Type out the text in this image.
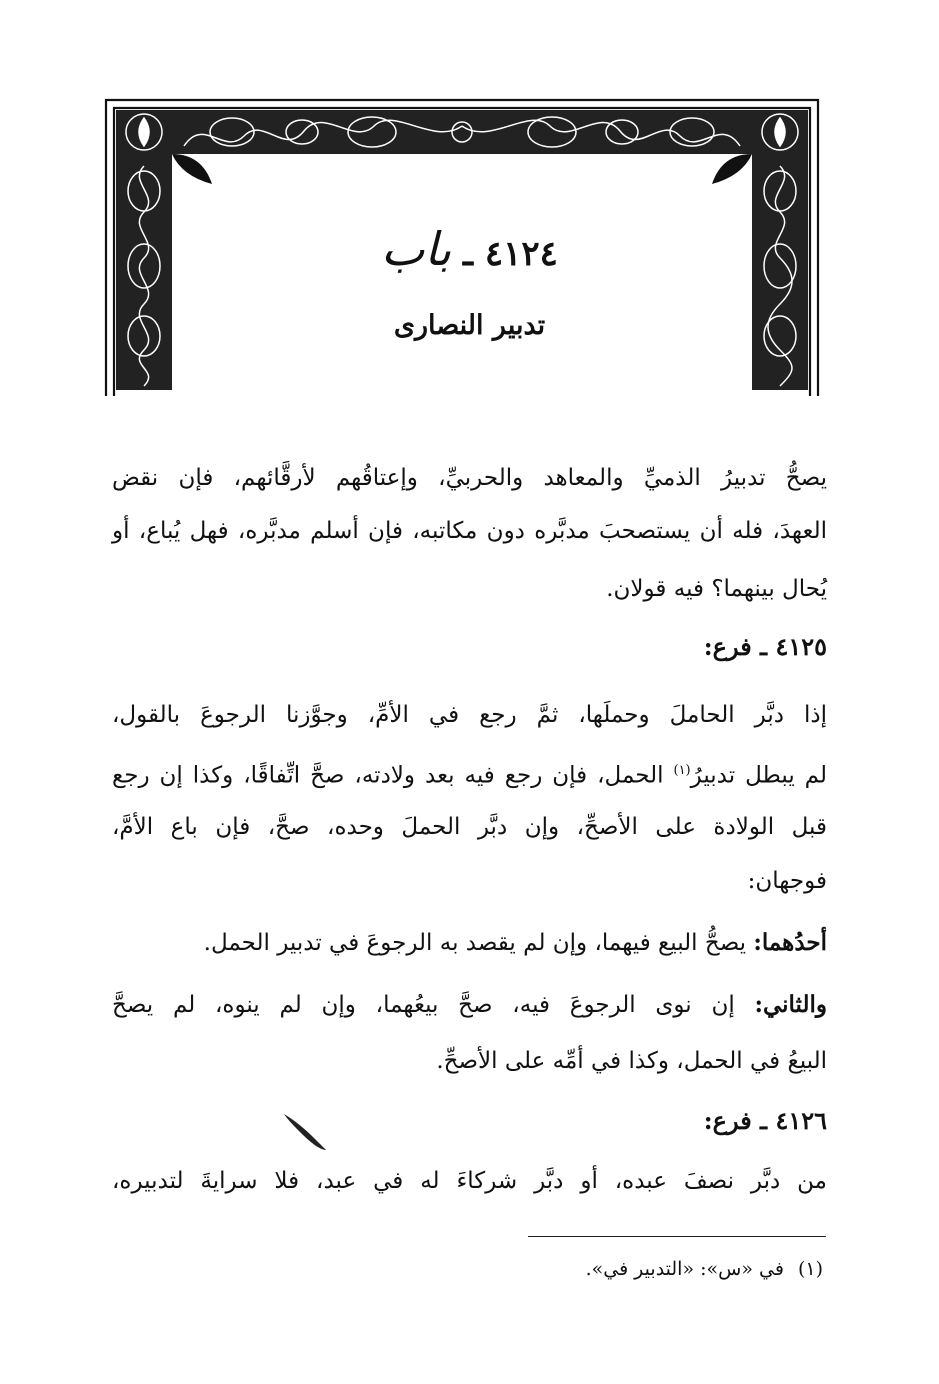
٤١٢٤ ـ باب
تدبير النصارى
يصحُّ تدبيرُ الذميِّ والمعاهد والحربيِّ، وإعتاقُهم لأرقَّائهم، فإن نقض
العهدَ، فله أن يستصحبَ مدبَّره دون مكاتبه، فإن أسلم مدبَّره، فهل يُباع، أو
يُحال بينهما؟ فيه قولان.
٤١٢٥ ـ فرع:
إذا دبَّر الحاملَ وحملَها، ثمَّ رجع في الأمِّ، وجوَّزنا الرجوعَ بالقول،
لم يبطل تدبيرُ$^{(١)}$ الحمل، فإن رجع فيه بعد ولادته، صحَّ اتِّفاقًا، وكذا إن رجع
قبل الولادة على الأصحِّ، وإن دبَّر الحملَ وحده، صحَّ، فإن باع الأمَّ،
فوجهان:
أحدُهما: يصحُّ البيع فيهما، وإن لم يقصد به الرجوعَ في تدبير الحمل.
والثاني: إن نوى الرجوعَ فيه، صحَّ بيعُهما، وإن لم ينوه، لم يصحَّ
البيعُ في الحمل، وكذا في أمِّه على الأصحِّ.
٤١٢٦ ـ فرع:
من دبَّر نصفَ عبده، أو دبَّر شركاءَ له في عبد، فلا سرايةَ لتدبيره،
(١)في «س»: «التدبير في».
